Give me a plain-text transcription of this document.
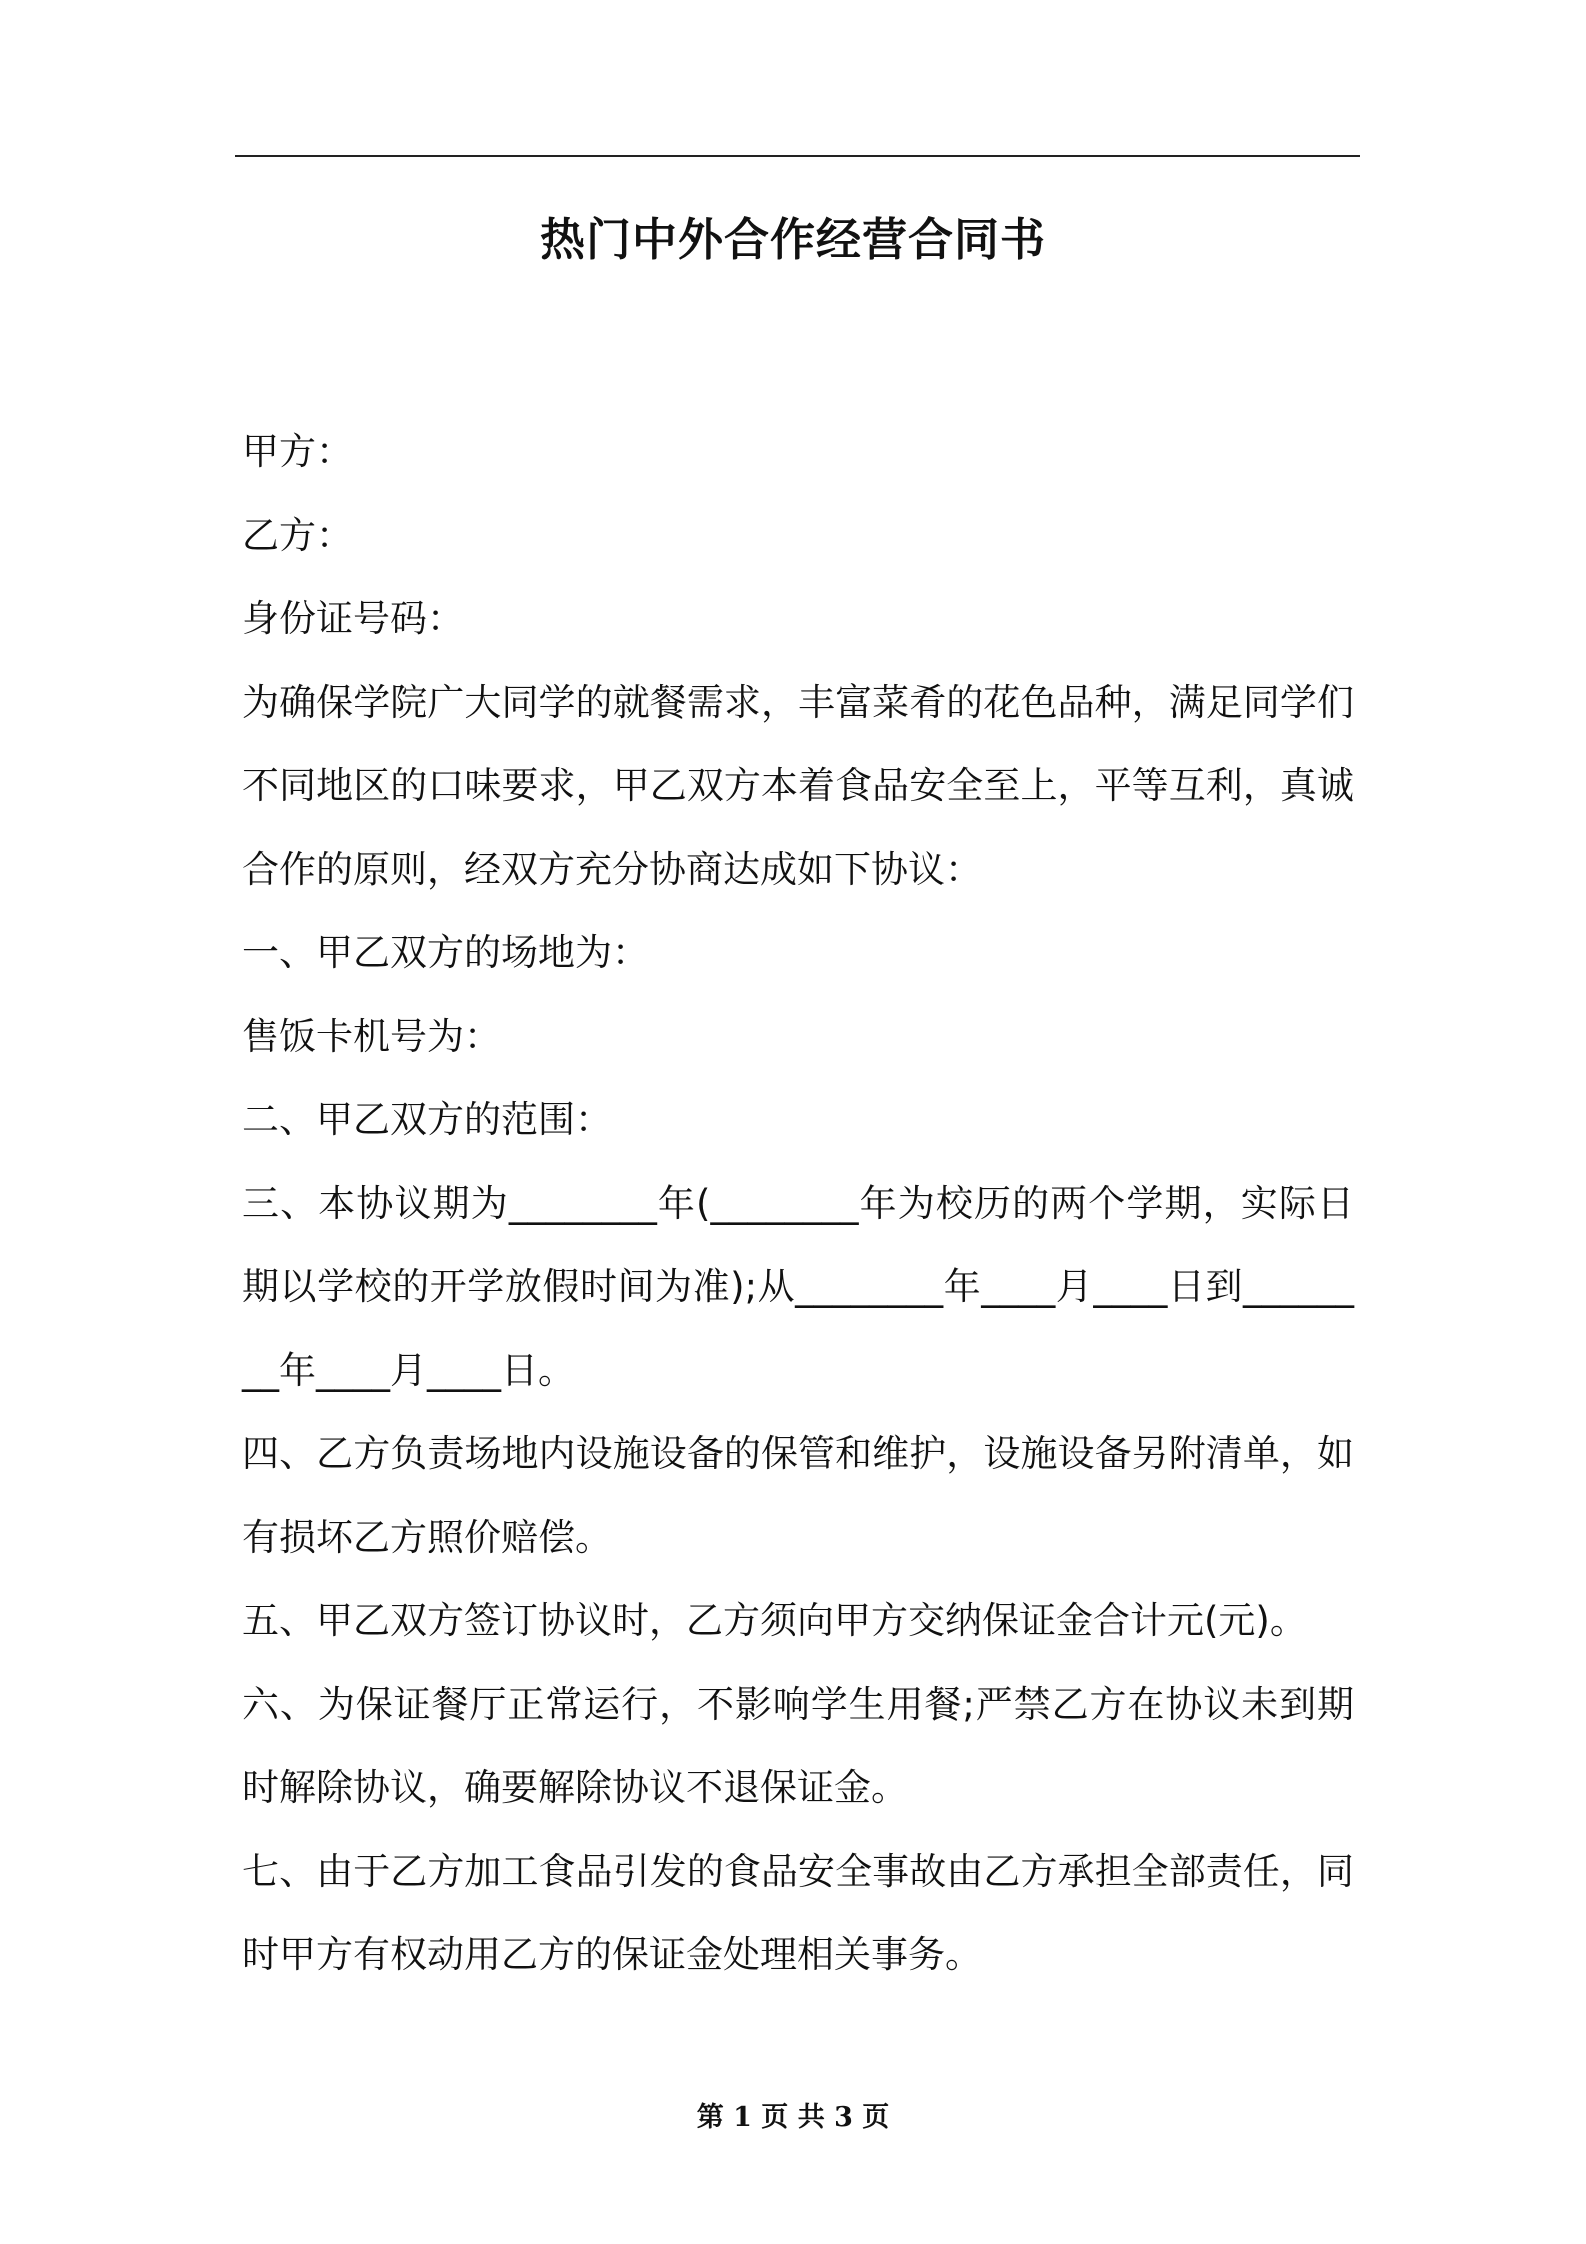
热门中外合作经营合同书

甲方：

乙方：

身份证号码：

为确保学院广大同学的就餐需求，丰富菜肴的花色品种，满足同学们不同地区的口味要求，甲乙双方本着食品安全至上，平等互利，真诚合作的原则，经双方充分协商达成如下协议：

一、甲乙双方的场地为：

售饭卡机号为：

二、甲乙双方的范围：

三、本协议期为________年(________年为校历的两个学期，实际日期以学校的开学放假时间为准);从________年____月____日到________年____月____日。

四、乙方负责场地内设施设备的保管和维护，设施设备另附清单，如有损坏乙方照价赔偿。

五、甲乙双方签订协议时，乙方须向甲方交纳保证金合计元(元)。

六、为保证餐厅正常运行，不影响学生用餐;严禁乙方在协议未到期时解除协议，确要解除协议不退保证金。

七、由于乙方加工食品引发的食品安全事故由乙方承担全部责任，同时甲方有权动用乙方的保证金处理相关事务。

第 1 页 共 3 页
